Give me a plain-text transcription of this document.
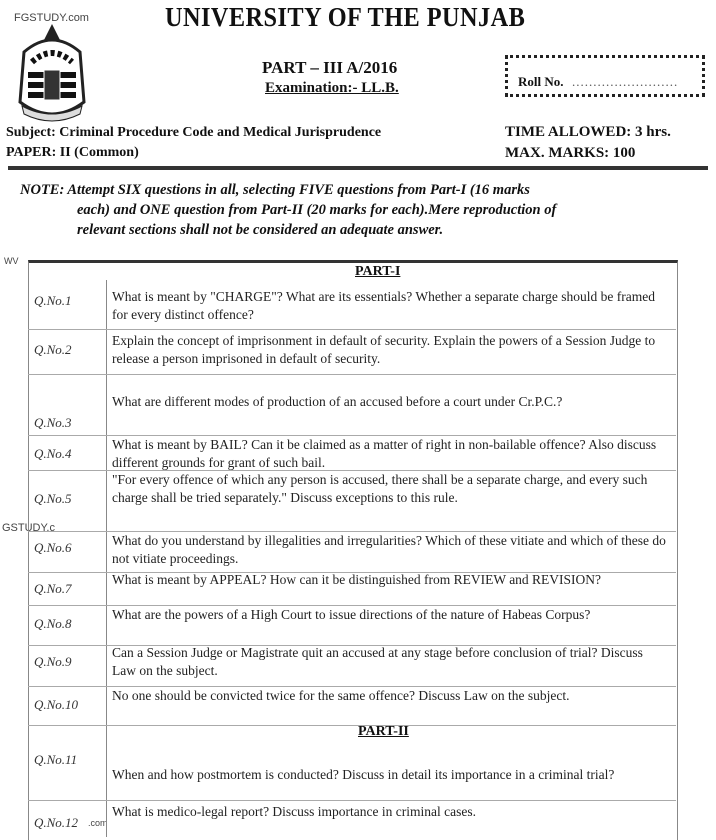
FGSTUDY.com
WV
GSTUDY.c
.com
UNIVERSITY OF THE PUNJAB
PART – III A/2016
Examination:- LL.B.	Roll No. .........................
Subject: Criminal Procedure Code and Medical Jurisprudence
PAPER: II (Common)
TIME ALLOWED: 3 hrs.
MAX. MARKS: 100
NOTE: Attempt SIX questions in all, selecting FIVE questions from Part-I (16 marks
each) and ONE question from Part-II (20 marks for each).Mere reproduction of
relevant sections shall not be considered an adequate answer.
PART-I
PART-II
Q.No.1	What is meant by "CHARGE"? What are its essentials? Whether a separate charge should be framed for every distinct offence?
Q.No.2
Explain the concept of imprisonment in default of security. Explain the powers of a Session Judge to release a person imprisoned in default of security.
Q.No.3
What are different modes of production of an accused before a court under Cr.P.C.?
Q.No.4
What is meant by BAIL? Can it be claimed as a matter of right in non-bailable offence? Also discuss different grounds for grant of such bail.
Q.No.5
"For every offence of which any person is accused, there shall be a separate charge, and every such charge shall be tried separately." Discuss exceptions to this rule.
Q.No.6	What do you understand by illegalities and irregularities? Which of these vitiate and which of these do not vitiate proceedings.
Q.No.7
What is meant by APPEAL? How can it be distinguished from REVIEW and REVISION?
Q.No.8
What are the powers of a High Court to issue directions of the nature of Habeas Corpus?
Q.No.9
Can a Session Judge or Magistrate quit an accused at any stage before conclusion of trial? Discuss Law on the subject.
Q.No.10
No one should be convicted twice for the same offence? Discuss Law on the subject.
Q.No.11
When and how postmortem is conducted? Discuss in detail its importance in a criminal trial?
Q.No.12
What is medico-legal report? Discuss importance in criminal cases.
